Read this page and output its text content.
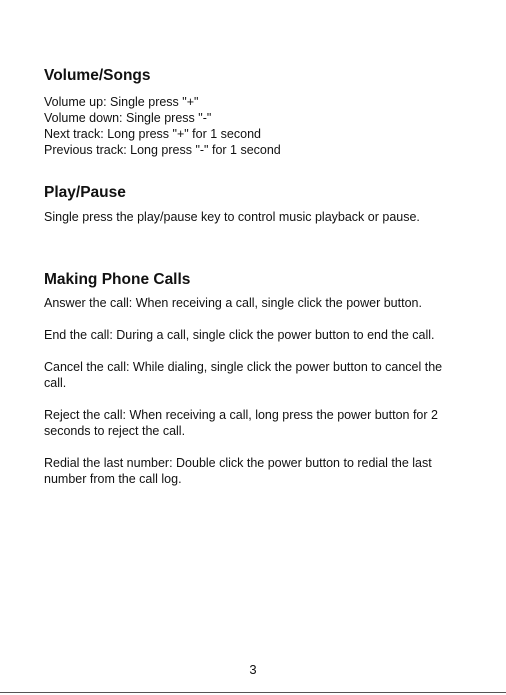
Volume/Songs

Volume up: Single press "+"

Volume down: Single press "-"

Next track: Long press "+" for 1 second

Previous track: Long press "-" for 1 second

Play/Pause

Single press the play/pause key to control music playback or pause.

Making Phone Calls

Answer the call: When receiving a call, single click the power button.

End the call: During a call, single click the power button to end the call.

Cancel the call: While dialing, single click the power button to cancel the call.

Reject the call: When receiving a call, long press the power button for 2 seconds to reject the call.

Redial the last number: Double click the power button to redial the last number from the call log.

3
